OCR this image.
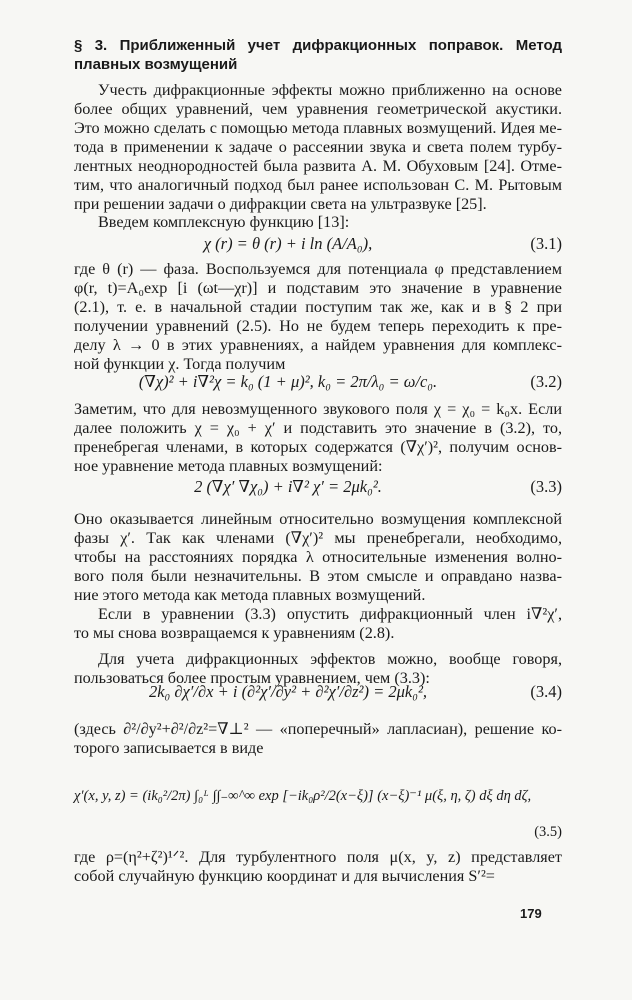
§ 3. Приближенный учет дифракционных поправок. Метод
плавных возмущений
Учесть дифракционные эффекты можно приближенно на основе
более общих уравнений, чем уравнения геометрической акустики.
Это можно сделать с помощью метода плавных возмущений. Идея ме-
тода в применении к задаче о рассеянии звука и света полем турбу-
лентных неоднородностей была развита А. М. Обуховым [24]. Отме-
тим, что аналогичный подход был ранее использован С. М. Рытовым
при решении задачи о дифракции света на ультразвуке [25].
Введем комплексную функцию [13]:
χ (r) = θ (r) + i ln (A/A₀),	(3.1)
где θ (r) — фаза. Воспользуемся для потенциала φ представлением
φ(r, t)=A₀exp [i (ωt—χr)] и подставим это значение в уравнение
(2.1), т. е. в начальной стадии поступим так же, как и в § 2 при
получении уравнений (2.5). Но не будем теперь переходить к пре-
делу λ → 0 в этих уравнениях, а найдем уравнения для комплекс-
ной функции χ. Тогда получим
(∇χ)² + i∇²χ = k₀ (1 + μ)², k₀ = 2π/λ₀ = ω/c₀.	(3.2)
Заметим, что для невозмущенного звукового поля χ = χ₀ = k₀x. Если
далее положить χ = χ₀ + χ′ и подставить это значение в (3.2), то,
пренебрегая членами, в которых содержатся (∇χ′)², получим основ-
ное уравнение метода плавных возмущений:
2 (∇χ′ ∇χ₀) + i∇² χ′ = 2μk₀².	(3.3)
Оно оказывается линейным относительно возмущения комплексной
фазы χ′. Так как членами (∇χ′)² мы пренебрегали, необходимо,
чтобы на расстояниях порядка λ относительные изменения волно-
вого поля были незначительны. В этом смысле и оправдано назва-
ние этого метода как метода плавных возмущений.
Если в уравнении (3.3) опустить дифракционный член i∇²χ′,
то мы снова возвращаемся к уравнениям (2.8).
Для учета дифракционных эффектов можно, вообще говоря,
пользоваться более простым уравнением, чем (3.3):
2k₀ ∂χ′/∂x + i (∂²χ′/∂y² + ∂²χ′/∂z²) = 2μk₀²,	(3.4)
(здесь ∂²/∂y²+∂²/∂z²=∇⊥² — «поперечный» лапласиан), решение ко-
торого записывается в виде
χ′(x, y, z) = (ik₀²/2π) ∫₀ᴸ ∫∫₋∞^∞ exp [−ik₀ρ²/2(x−ξ)] (x−ξ)⁻¹ μ(ξ, η, ζ) dξ dη dζ,
(3.5)
где ρ=(η²+ζ²)¹ᐟ². Для турбулентного поля μ(x, y, z) представляет
собой случайную функцию координат и для вычисления S′²=
179
